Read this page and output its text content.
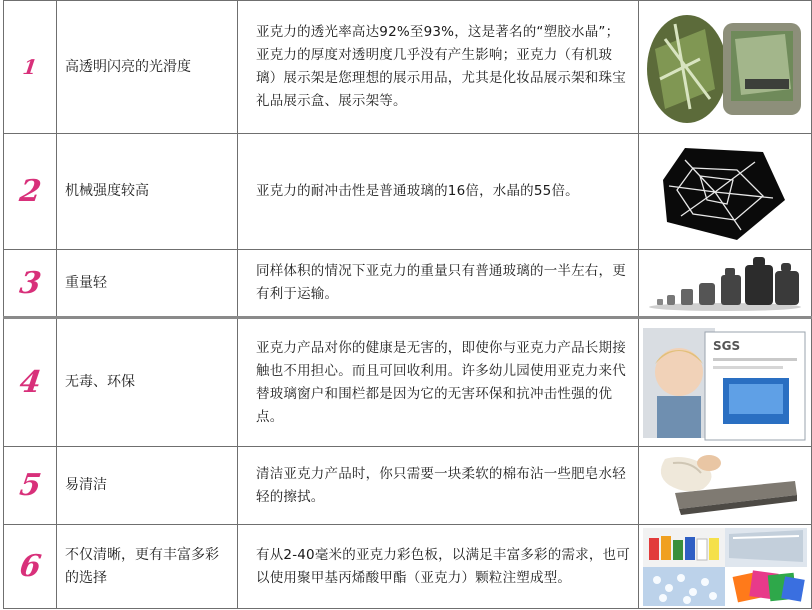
1	高透明闪亮的光滑度	亚克力的透光率高达92%至93%，这是著名的“塑胶水晶”；亚克力的厚度对透明度几乎没有产生影响；亚克力（有机玻璃）展示架是您理想的展示用品，尤其是化妆品展示架和珠宝礼品展示盒、展示架等。	

2	机械强度较高	亚克力的耐冲击性是普通玻璃的16倍，水晶的55倍。	

3	重量轻	同样体积的情况下亚克力的重量只有普通玻璃的一半左右，更有利于运输。	

4	无毒、环保	亚克力产品对你的健康是无害的，即使你与亚克力产品长期接触也不用担心。而且可回收利用。许多幼儿园使用亚克力来代替玻璃窗户和围栏都是因为它的无害环保和抗冲击性强的优点。	SGS

5	易清洁	清洁亚克力产品时，你只需要一块柔软的棉布沾一些肥皂水轻轻的擦拭。	

6	不仅清晰，更有丰富多彩的选择	有从2-40毫米的亚克力彩色板，以满足丰富多彩的需求，也可以使用聚甲基丙烯酸甲酯（亚克力）颗粒注塑成型。	
